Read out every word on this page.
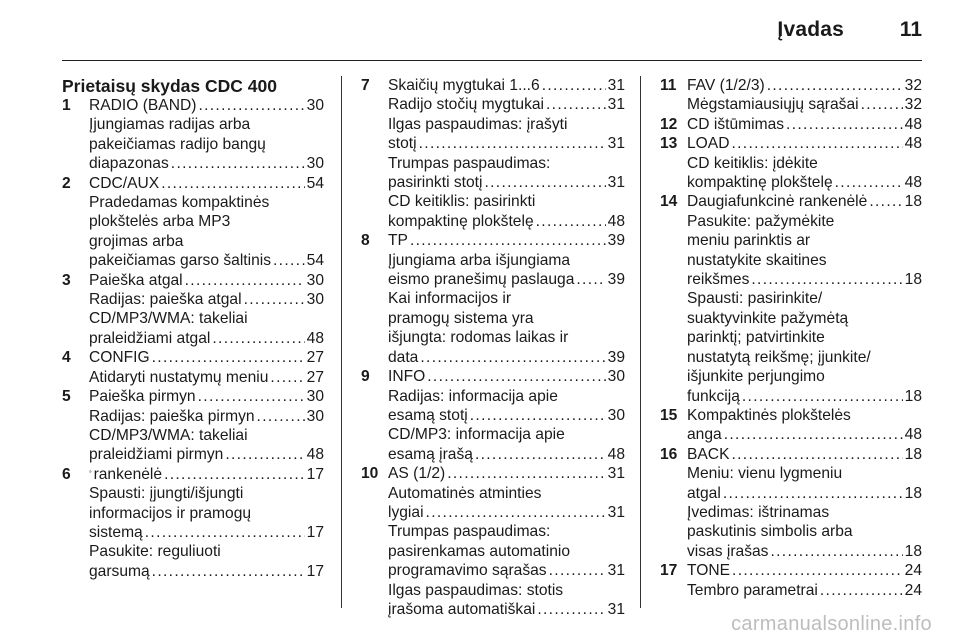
Įvadas	11
Prietaisų skydas CDC 400
1	RADIO (BAND) . . .	30
Įjungiamas radijas arba
pakeičiamas radijo bangų
diapazonas . . .	30
2	CDC/AUX . . .	54
Pradedamas kompaktinės
plokštelės arba MP3
grojimas arba
pakeičiamas garso šaltinis . . . 54
3	Paieška atgal . . .	30
Radijas: paieška atgal . . .	30
CD/MP3/WMA: takeliai
praleidžiami atgal . . .	48
4	CONFIG . . .	27
Atidaryti nustatymų meniu . . . 27
5	Paieška pirmyn . . .	30
Radijas: paieška pirmyn . . .	30
CD/MP3/WMA: takeliai
praleidžiami pirmyn . . .	48
6	rankenėlė . . .	17
Spausti: įjungti/išjungti
informacijos ir pramogų
sistemą . . .	17
Pasukite: reguliuoti
garsumą . . .	17
7	Skaičių mygtukai 1...6 . . .	31
Radijo stočių mygtukai . . .	31
Ilgas paspaudimas: įrašyti
stotį . . .	31
Trumpas paspaudimas:
pasirinkti stotį . . .	31
CD keitiklis: pasirinkti
kompaktinę plokštelę . . .	48
8	TP . . .	39
Įjungiama arba išjungiama
eismo pranešimų paslauga . . . 39
Kai informacijos ir
pramogų sistema yra
išjungta: rodomas laikas ir
data . . .	39
9	INFO . . .	30
Radijas: informacija apie
esamą stotį . . .	30
CD/MP3: informacija apie
esamą įrašą . . .	48
10 AS (1/2) . . .	31
Automatinės atminties
lygiai . . .	31
Trumpas paspaudimas:
pasirenkamas automatinio
programavimo sąrašas . . .	31
Ilgas paspaudimas: stotis
įrašoma automatiškai . . .	31
11 FAV (1/2/3) . . .	32
Mėgstamiausiųjų sąrašai . . .	32
12 CD ištūmimas . . .	48
13 LOAD . . .	48
CD keitiklis: įdėkite
kompaktinę plokštelę . . .	48
14 Daugiafunkcinė rankenėlė . . . 18
Pasukite: pažymėkite
meniu parinktis ar
nustatykite skaitines
reikšmes . . .	18
Spausti: pasirinkite/
suaktyvinkite pažymėtą
parinktį; patvirtinkite
nustatytą reikšmę; įjunkite/
išjunkite perjungimo
funkciją . . .	18
15 Kompaktinės plokštelės
anga . . .	48
16 BACK . . .	18
Meniu: vienu lygmeniu
atgal . . .	18
Įvedimas: ištrinamas
paskutinis simbolis arba
visas įrašas . . .	18
17 TONE . . .	24
Tembro parametrai . . .	24
carmanualsonline.info
